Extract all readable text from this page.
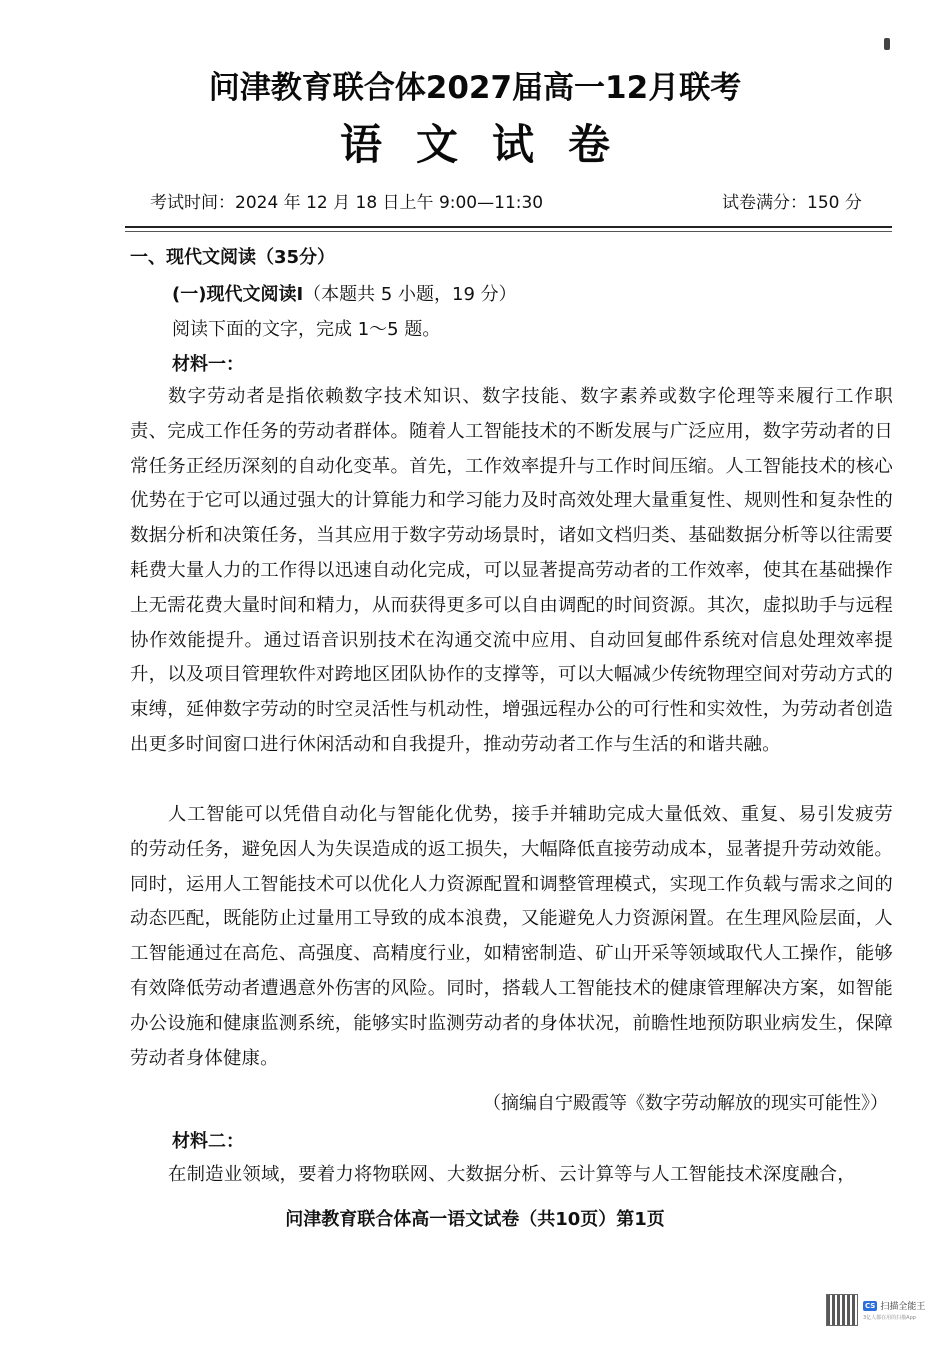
问津教育联合体2027届高一12月联考
语文试卷
考试时间：2024 年 12 月 18 日上午 9:00—11:30	试卷满分：150 分
一、现代文阅读（35分）
(一)现代文阅读Ⅰ（本题共 5 小题，19 分）
阅读下面的文字，完成 1～5 题。
材料一：

数字劳动者是指依赖数字技术知识、数字技能、数字素养或数字伦理等来履行工作职责、完成工作任务的劳动者群体。随着人工智能技术的不断发展与广泛应用，数字劳动者的日常任务正经历深刻的自动化变革。首先，工作效率提升与工作时间压缩。人工智能技术的核心优势在于它可以通过强大的计算能力和学习能力及时高效处理大量重复性、规则性和复杂性的数据分析和决策任务，当其应用于数字劳动场景时，诸如文档归类、基础数据分析等以往需要耗费大量人力的工作得以迅速自动化完成，可以显著提高劳动者的工作效率，使其在基础操作上无需花费大量时间和精力，从而获得更多可以自由调配的时间资源。其次，虚拟助手与远程协作效能提升。通过语音识别技术在沟通交流中应用、自动回复邮件系统对信息处理效率提升，以及项目管理软件对跨地区团队协作的支撑等，可以大幅减少传统物理空间对劳动方式的束缚，延伸数字劳动的时空灵活性与机动性，增强远程办公的可行性和实效性，为劳动者创造出更多时间窗口进行休闲活动和自我提升，推动劳动者工作与生活的和谐共融。

人工智能可以凭借自动化与智能化优势，接手并辅助完成大量低效、重复、易引发疲劳的劳动任务，避免因人为失误造成的返工损失，大幅降低直接劳动成本，显著提升劳动效能。同时，运用人工智能技术可以优化人力资源配置和调整管理模式，实现工作负载与需求之间的动态匹配，既能防止过量用工导致的成本浪费，又能避免人力资源闲置。在生理风险层面，人工智能通过在高危、高强度、高精度行业，如精密制造、矿山开采等领域取代人工操作，能够有效降低劳动者遭遇意外伤害的风险。同时，搭载人工智能技术的健康管理解决方案，如智能办公设施和健康监测系统，能够实时监测劳动者的身体状况，前瞻性地预防职业病发生，保障劳动者身体健康。

（摘编自宁殿霞等《数字劳动解放的现实可能性》）
材料二：

在制造业领域，要着力将物联网、大数据分析、云计算等与人工智能技术深度融合，

问津教育联合体高一语文试卷（共10页）第1页
CS 扫描全能王
3亿人都在用的扫描App
